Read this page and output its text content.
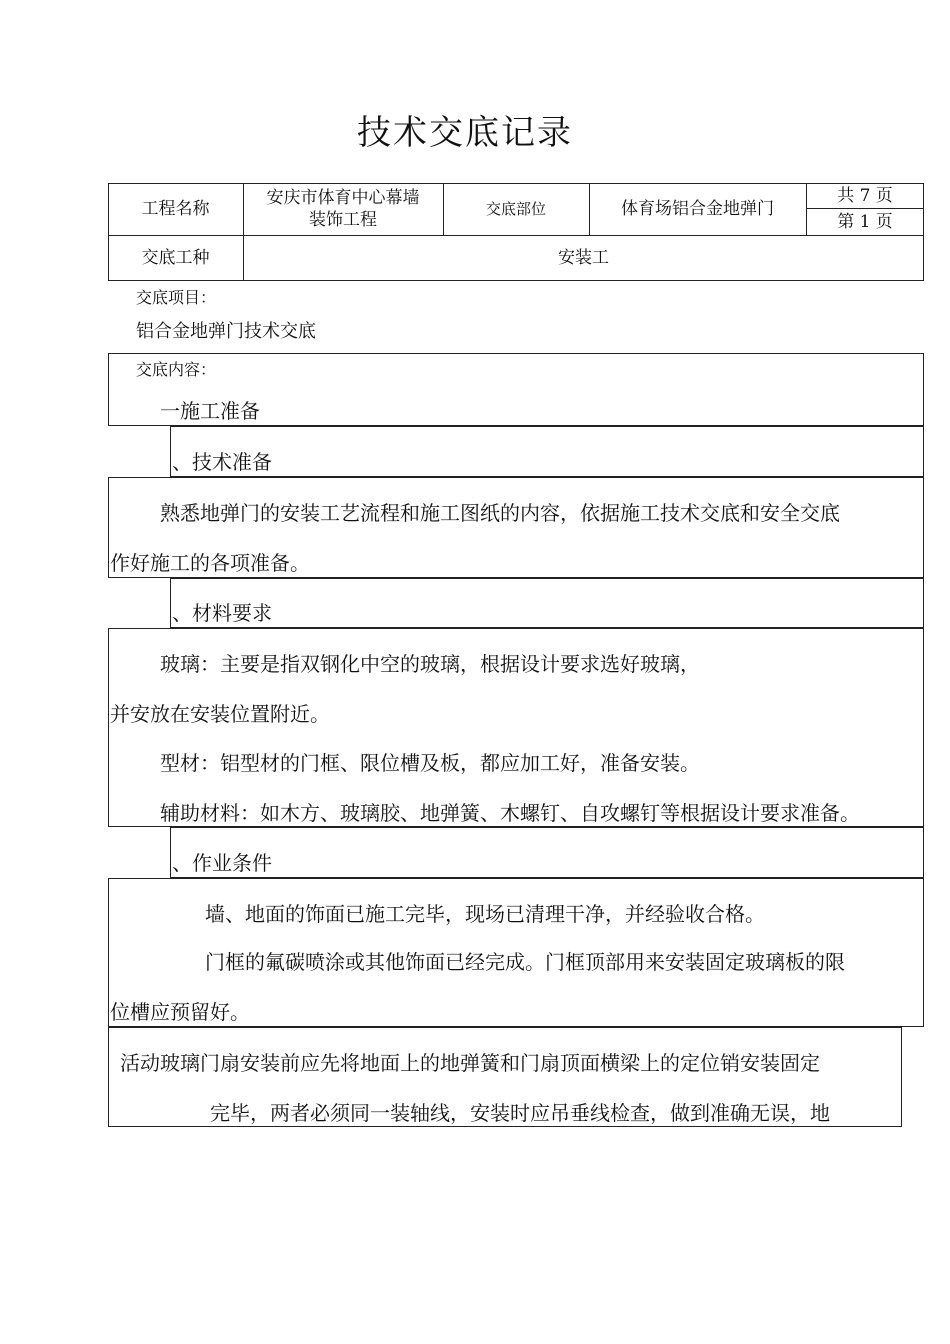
技术交底记录
工程名称
安庆市体育中心幕墙
装饰工程
交底部位	体育场铝合金地弹门
共 7 页
第 1 页
交底工种	安装工
交底项目：
铝合金地弹门技术交底
交底内容：
一施工准备
、技术准备
熟悉地弹门的安装工艺流程和施工图纸的内容，依据施工技术交底和安全交底
作好施工的各项准备。
、材料要求
玻璃：主要是指双钢化中空的玻璃，根据设计要求选好玻璃，
并安放在安装位置附近。
型材：铝型材的门框、限位槽及板，都应加工好，准备安装。
辅助材料：如木方、玻璃胶、地弹簧、木螺钉、自攻螺钉等根据设计要求准备。
、作业条件
墙、地面的饰面已施工完毕，现场已清理干净，并经验收合格。
门框的氟碳喷涂或其他饰面已经完成。门框顶部用来安装固定玻璃板的限
位槽应预留好。
活动玻璃门扇安装前应先将地面上的地弹簧和门扇顶面横梁上的定位销安装固定
完毕，两者必须同一装轴线，安装时应吊垂线检查，做到准确无误，地
